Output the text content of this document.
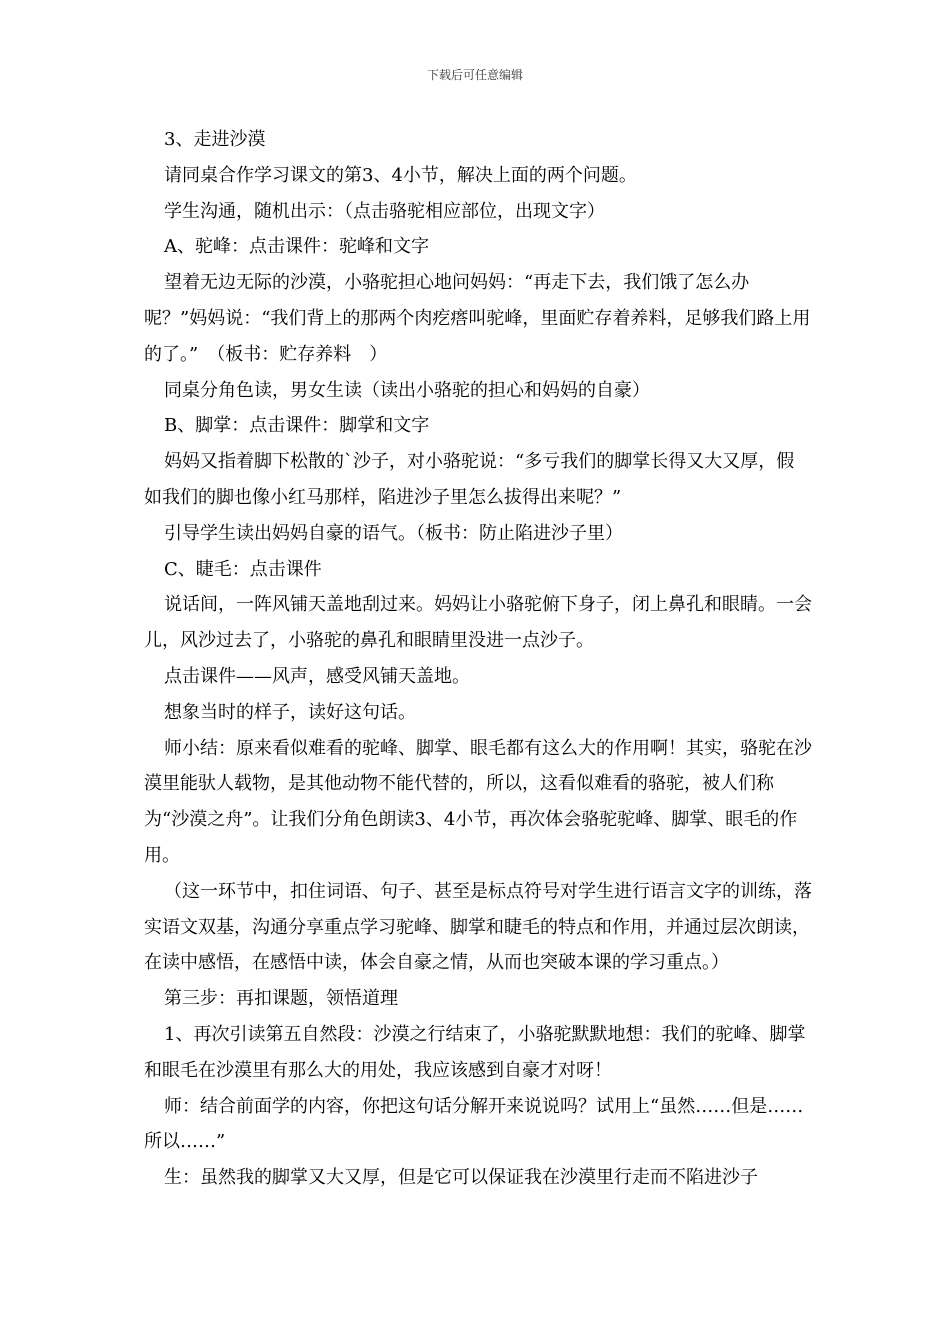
下载后可任意编辑

3、走进沙漠

请同桌合作学习课文的第3、4小节，解决上面的两个问题。

学生沟通，随机出示：（点击骆驼相应部位，出现文字）

A、驼峰：点击课件：驼峰和文字

望着无边无际的沙漠，小骆驼担心地问妈妈：“再走下去，我们饿了怎么办呢？”妈妈说：“我们背上的那两个肉疙瘩叫驼峰，里面贮存着养料，足够我们路上用的了。”　（板书：贮存养料　）

同桌分角色读，男女生读（读出小骆驼的担心和妈妈的自豪）

B、脚掌：点击课件：脚掌和文字

妈妈又指着脚下松散的`沙子，对小骆驼说：“多亏我们的脚掌长得又大又厚，假如我们的脚也像小红马那样，陷进沙子里怎么拔得出来呢？”

引导学生读出妈妈自豪的语气。（板书：防止陷进沙子里）

C、睫毛：点击课件

说话间，一阵风铺天盖地刮过来。妈妈让小骆驼俯下身子，闭上鼻孔和眼睛。一会儿，风沙过去了，小骆驼的鼻孔和眼睛里没进一点沙子。

点击课件——风声，感受风铺天盖地。

想象当时的样子，读好这句话。

师小结：原来看似难看的驼峰、脚掌、眼毛都有这么大的作用啊！其实，骆驼在沙漠里能驮人载物，是其他动物不能代替的，所以，这看似难看的骆驼，被人们称为“沙漠之舟”。让我们分角色朗读3、4小节，再次体会骆驼驼峰、脚掌、眼毛的作用。

（这一环节中，扣住词语、句子、甚至是标点符号对学生进行语言文字的训练，落实语文双基，沟通分享重点学习驼峰、脚掌和睫毛的特点和作用，并通过层次朗读，在读中感悟，在感悟中读，体会自豪之情，从而也突破本课的学习重点。）

第三步：再扣课题，领悟道理

1、再次引读第五自然段：沙漠之行结束了，小骆驼默默地想：我们的驼峰、脚掌和眼毛在沙漠里有那么大的用处，我应该感到自豪才对呀！

师：结合前面学的内容，你把这句话分解开来说说吗？试用上“虽然……但是……所以……”

生：虽然我的脚掌又大又厚，但是它可以保证我在沙漠里行走而不陷进沙子
